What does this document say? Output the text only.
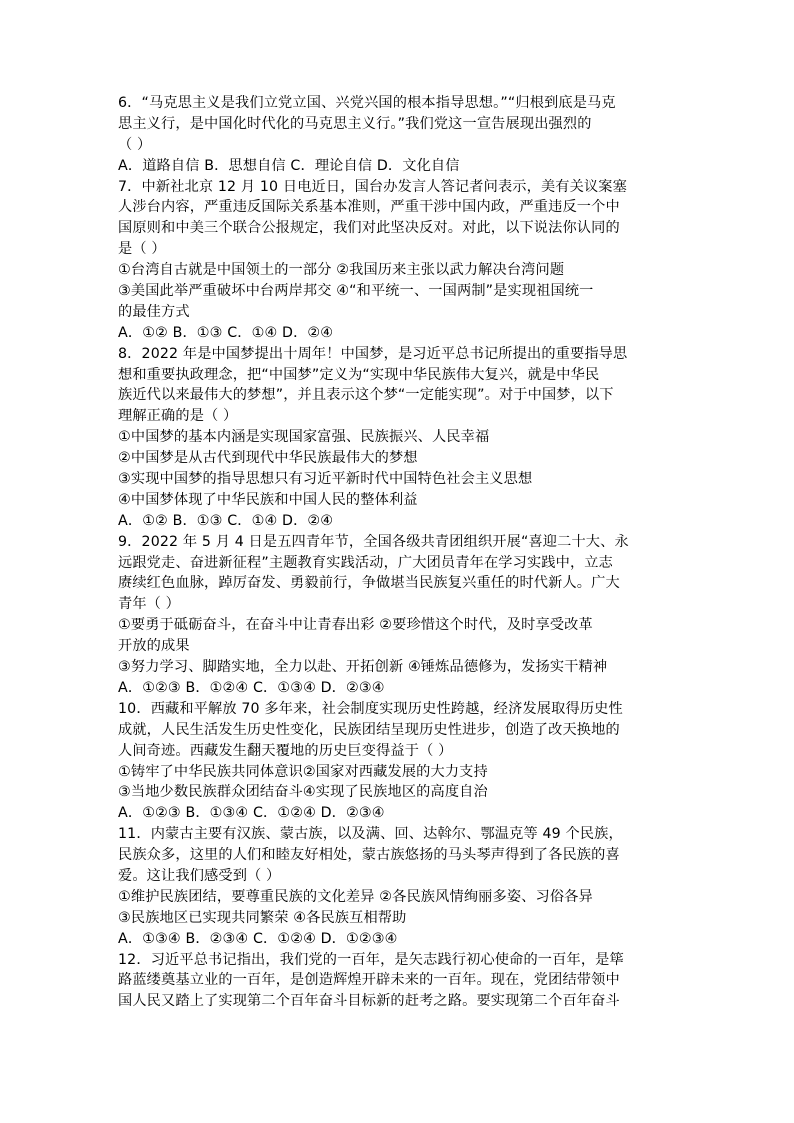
6．“马克思主义是我们立党立国、兴党兴国的根本指导思想。”“归根到底是马克
思主义行，是中国化时代化的马克思主义行。”我们党这一宣告展现出强烈的
（ ）
A．道路自信 B．思想自信 C．理论自信 D．文化自信
7．中新社北京 12 月 10 日电近日，国台办发言人答记者问表示，美有关议案塞
人涉台内容，严重违反国际关系基本准则，严重干涉中国内政，严重违反一个中
国原则和中美三个联合公报规定，我们对此坚决反对。对此，以下说法你认同的
是（ ）
①台湾自古就是中国领土的一部分 ②我国历来主张以武力解决台湾问题
③美国此举严重破坏中台两岸邦交 ④“和平统一、一国两制”是实现祖国统一
的最佳方式
A．①② B．①③ C．①④ D．②④
8．2022 年是中国梦提出十周年！中国梦，是习近平总书记所提出的重要指导思
想和重要执政理念，把“中国梦”定义为“实现中华民族伟大复兴，就是中华民
族近代以来最伟大的梦想”，并且表示这个梦“一定能实现”。对于中国梦，以下
理解正确的是（ ）
①中国梦的基本内涵是实现国家富强、民族振兴、人民幸福
②中国梦是从古代到现代中华民族最伟大的梦想
③实现中国梦的指导思想只有习近平新时代中国特色社会主义思想
④中国梦体现了中华民族和中国人民的整体利益
A．①② B．①③ C．①④ D．②④
9．2022 年 5 月 4 日是五四青年节，全国各级共青团组织开展“喜迎二十大、永
远跟党走、奋进新征程”主题教育实践活动，广大团员青年在学习实践中，立志
赓续红色血脉，踔厉奋发、勇毅前行，争做堪当民族复兴重任的时代新人。广大
青年（ ）
①要勇于砥砺奋斗，在奋斗中让青春出彩 ②要珍惜这个时代，及时享受改革
开放的成果
③努力学习、脚踏实地，全力以赴、开拓创新 ④锤炼品德修为，发扬实干精神
A．①②③ B．①②④ C．①③④ D．②③④
10．西藏和平解放 70 多年来，社会制度实现历史性跨越，经济发展取得历史性
成就，人民生活发生历史性变化，民族团结呈现历史性进步，创造了改天换地的
人间奇迹。西藏发生翻天覆地的历史巨变得益于（ ）
①铸牢了中华民族共同体意识②国家对西藏发展的大力支持
③当地少数民族群众团结奋斗④实现了民族地区的高度自治
A．①②③ B．①③④ C．①②④ D．②③④
11．内蒙古主要有汉族、蒙古族，以及满、回、达斡尔、鄂温克等 49 个民族，
民族众多，这里的人们和睦友好相处，蒙古族悠扬的马头琴声得到了各民族的喜
爱。这让我们感受到（ ）
①维护民族团结，要尊重民族的文化差异 ②各民族风情绚丽多姿、习俗各异
③民族地区已实现共同繁荣 ④各民族互相帮助
A．①③④ B．②③④ C．①②④ D．①②③④
12．习近平总书记指出，我们党的一百年，是矢志践行初心使命的一百年，是筚
路蓝缕奠基立业的一百年，是创造辉煌开辟未来的一百年。现在，党团结带领中
国人民又踏上了实现第二个百年奋斗目标新的赶考之路。要实现第二个百年奋斗
